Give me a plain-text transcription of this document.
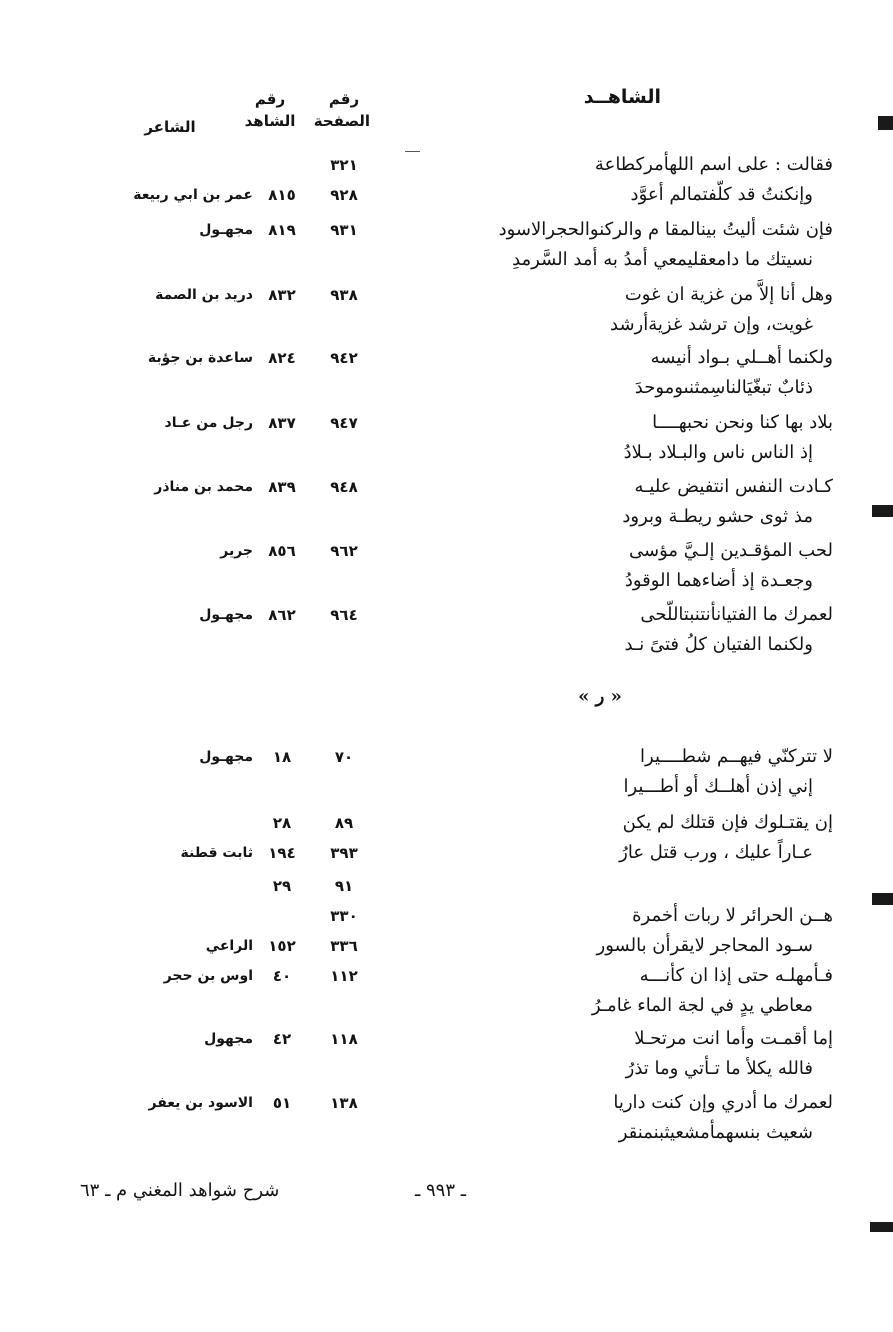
الشاهــد
رقم
الصفحة
رقم
الشاهد
الشاعر
فقالت : على اسم اللهأمركطاعة
وإنكنتُ قد كلّفتمالم أعوَّد
٣٢١
٩٢٨
٨١٥
عمر بن ابي ربيعة
فإن شئت أليتُ بينالمقا م والركنوالحجرالاسود
نسيتك ما دامعقليمعي أمدُ به أمد السَّرمدِ
٩٣١
٨١٩
مجهـول
وهل أنا إلاَّ من غزية ان غوت
غويت، وإن ترشد غزيةأرشد
٩٣٨
٨٣٢
دريد بن الصمة
ولكنما أهــلي بـواد أنيسه
ذئابٌ تبغّيَالناسِمثنىوموحدَ
٩٤٢
٨٢٤
ساعدة بن جؤبة
بلاد بها كنا ونحن نحبهــــا
إذ الناس ناس والبـلاد بـلادُ
٩٤٧
٨٣٧
رجل من عـاد
كـادت النفس انتفيض عليـه
مذ ثوى حشو ريطـة وبرود
٩٤٨
٨٣٩
محمد بن مناذر
لحب المؤقـدين إلـيَّ مؤسى
وجعـدة إذ أضاءهما الوقودُ
٩٦٢
٨٥٦
جرير
لعمرك ما الفتيانأنتنبتاللّحى
ولكنما الفتيان كلُ فتىً نـد
٩٦٤
٨٦٢
مجهـول
لا تتركنّي فيهــم شطــــيرا
إني إذن أهلــك أو أطـــيرا
٧٠
١٨
مجهـول
إن يقتـلوك فإن قتلك لم يكن
عـاراً عليك ، ورب قتل عارُ
٨٩
٣٩٣
٢٨
١٩٤
ثابت قطنة
هــن الحرائر لا ربات أخمرة
سـود المحاجر لايقرأن بالسور
٩١
٣٣٠
٣٣٦
٢٩
١٥٢
الراعي
فـأمهلـه حتى إذا ان كأنـــه
معاطي يدٍ في لجة الماء غامـرُ
١١٢
٤٠
اوس بن حجر
إما أقمـت وأما انت مرتحـلا
فالله يكلأ ما تـأتي وما تذرُ
١١٨
٤٢
مجهول
لعمرك ما أدري وإن كنت داريا
شعيث بنسهمأمشعيثبنمنقر
١٣٨
٥١
الاسود بن يعفر
« ر »
ـ ٩٩٣ ـ
شرح شواهد المغني م ـ ٦٣
